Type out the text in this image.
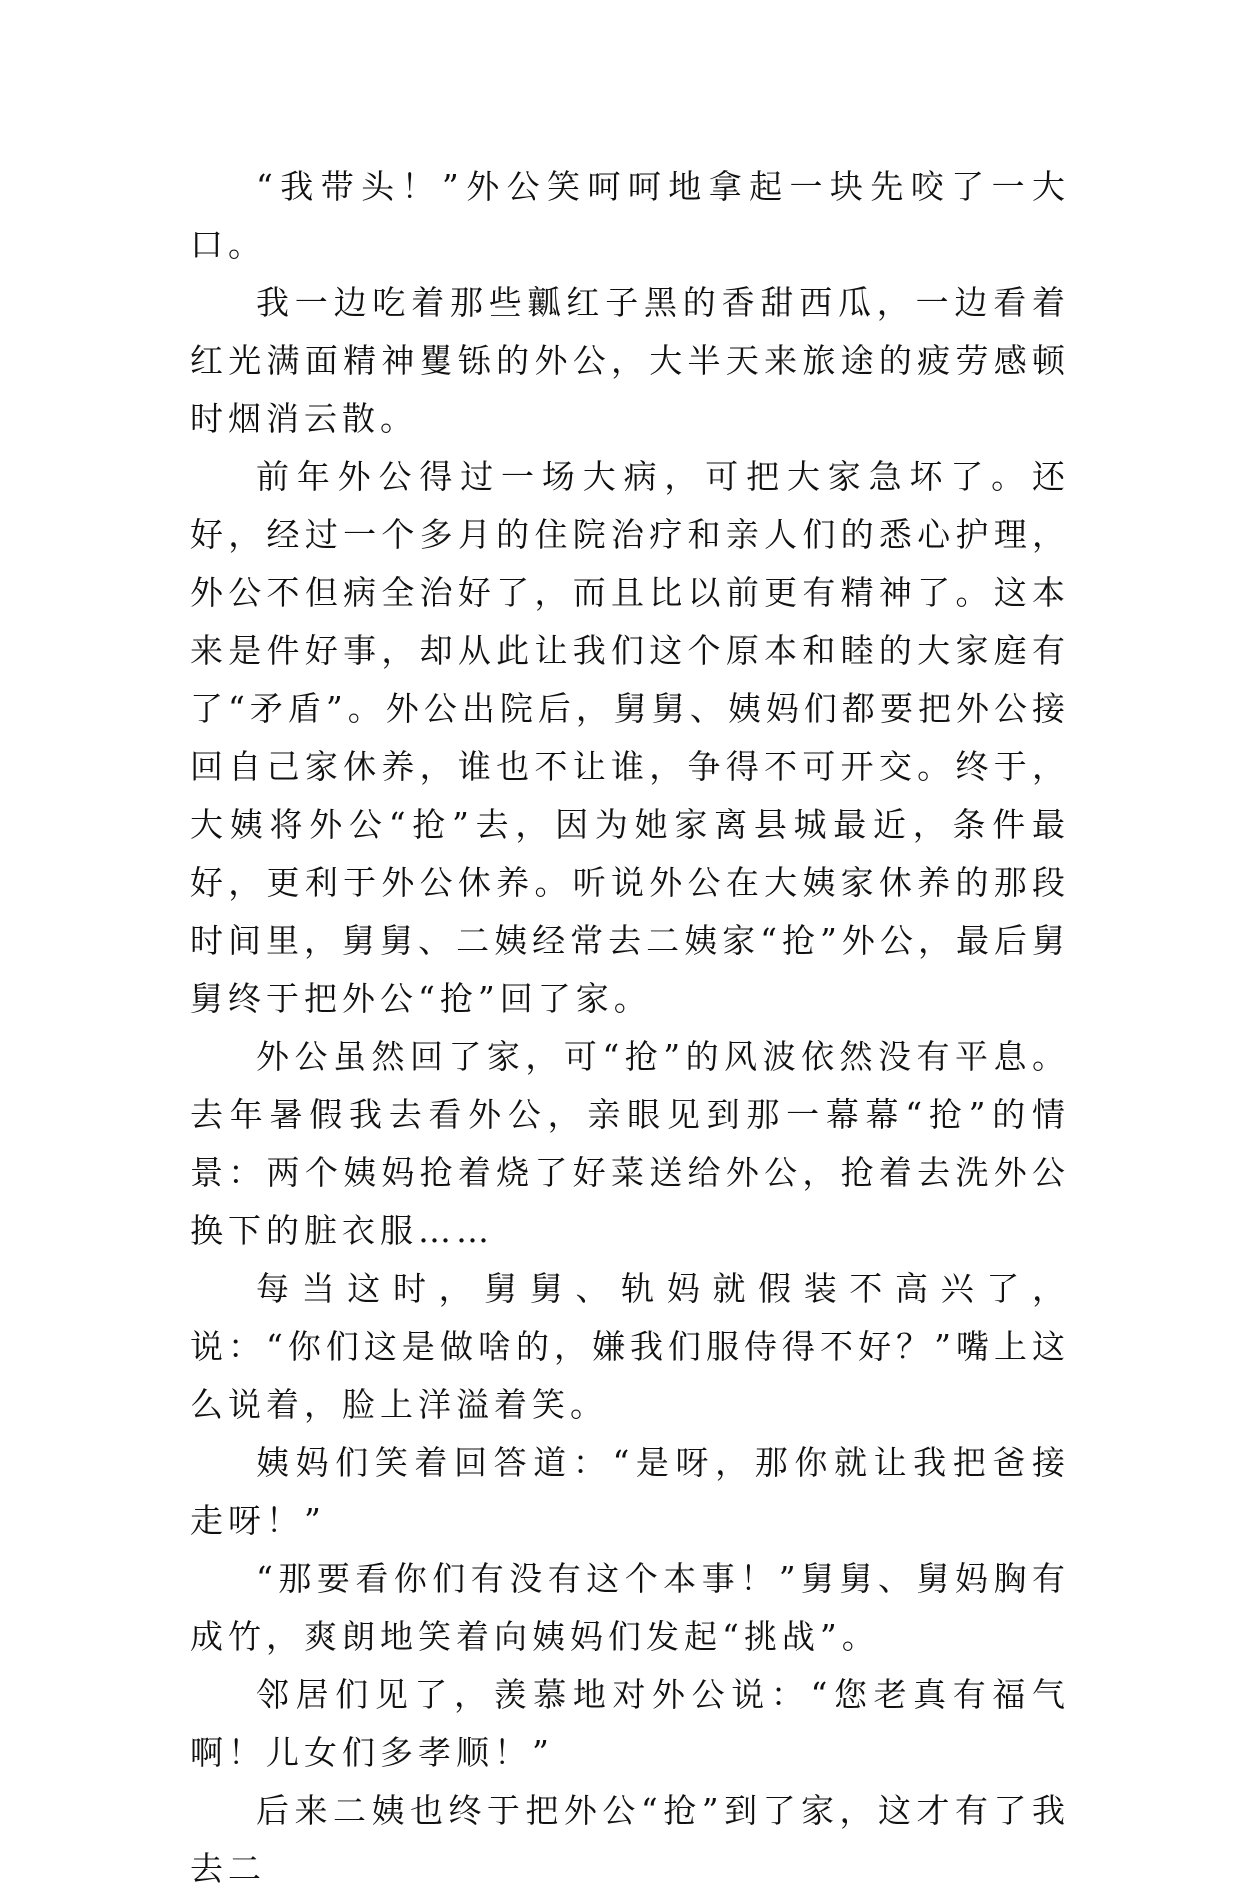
“我带头！”外公笑呵呵地拿起一块先咬了一大口。

我一边吃着那些瓤红子黑的香甜西瓜，一边看着红光满面精神矍铄的外公，大半天来旅途的疲劳感顿时烟消云散。

前年外公得过一场大病，可把大家急坏了。还好，经过一个多月的住院治疗和亲人们的悉心护理，外公不但病全治好了，而且比以前更有精神了。这本来是件好事，却从此让我们这个原本和睦的大家庭有了“矛盾”。外公出院后，舅舅、姨妈们都要把外公接回自己家休养，谁也不让谁，争得不可开交。终于，大姨将外公“抢”去，因为她家离县城最近，条件最好，更利于外公休养。听说外公在大姨家休养的那段时间里，舅舅、二姨经常去二姨家“抢”外公，最后舅舅终于把外公“抢”回了家。

外公虽然回了家，可“抢”的风波依然没有平息。去年暑假我去看外公，亲眼见到那一幕幕“抢”的情景：两个姨妈抢着烧了好菜送给外公，抢着去洗外公换下的脏衣服……

每当这时，舅舅、轨妈就假装不高兴了，说：“你们这是做啥的，嫌我们服侍得不好？”嘴上这么说着，脸上洋溢着笑。

姨妈们笑着回答道：“是呀，那你就让我把爸接走呀！”

“那要看你们有没有这个本事！”舅舅、舅妈胸有成竹，爽朗地笑着向姨妈们发起“挑战”。

邻居们见了，羡慕地对外公说：“您老真有福气啊！儿女们多孝顺！”

后来二姨也终于把外公“抢”到了家，这才有了我去二
